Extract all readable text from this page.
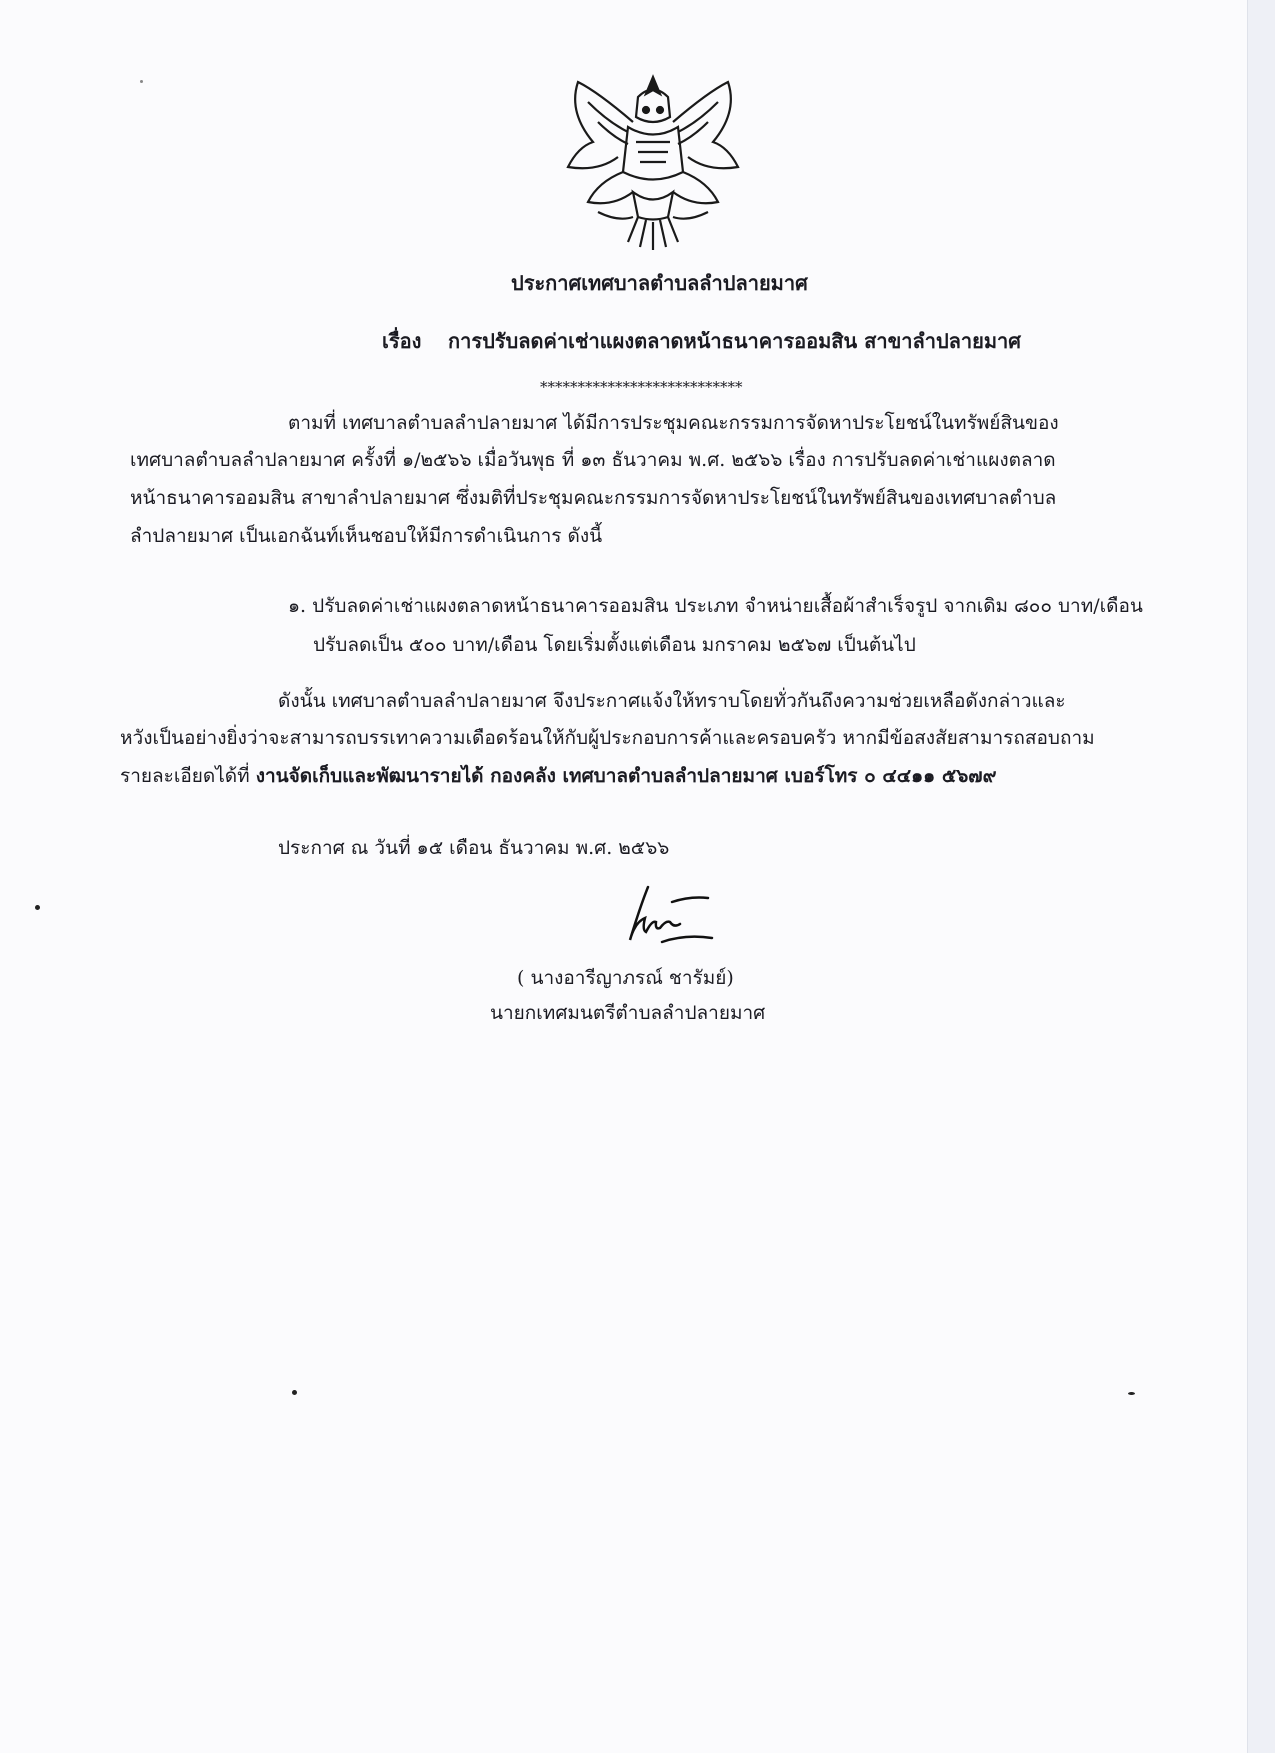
ประกาศเทศบาลตำบลลำปลายมาศ
เรื่อง การปรับลดค่าเช่าแผงตลาดหน้าธนาคารออมสิน สาขาลำปลายมาศ
***************************
ตามที่ เทศบาลตำบลลำปลายมาศ ได้มีการประชุมคณะกรรมการจัดหาประโยชน์ในทรัพย์สินของ
เทศบาลตำบลลำปลายมาศ ครั้งที่ ๑/๒๕๖๖ เมื่อวันพุธ ที่ ๑๓ ธันวาคม พ.ศ. ๒๕๖๖ เรื่อง การปรับลดค่าเช่าแผงตลาด
หน้าธนาคารออมสิน สาขาลำปลายมาศ ซึ่งมติที่ประชุมคณะกรรมการจัดหาประโยชน์ในทรัพย์สินของเทศบาลตำบล
ลำปลายมาศ เป็นเอกฉันท์เห็นชอบให้มีการดำเนินการ ดังนี้
๑. ปรับลดค่าเช่าแผงตลาดหน้าธนาคารออมสิน ประเภท จำหน่ายเสื้อผ้าสำเร็จรูป จากเดิม ๘๐๐ บาท/เดือน
ปรับลดเป็น ๕๐๐ บาท/เดือน โดยเริ่มตั้งแต่เดือน มกราคม ๒๕๖๗ เป็นต้นไป
ดังนั้น เทศบาลตำบลลำปลายมาศ จึงประกาศแจ้งให้ทราบโดยทั่วกันถึงความช่วยเหลือดังกล่าวและ
หวังเป็นอย่างยิ่งว่าจะสามารถบรรเทาความเดือดร้อนให้กับผู้ประกอบการค้าและครอบครัว หากมีข้อสงสัยสามารถสอบถาม
รายละเอียดได้ที่ งานจัดเก็บและพัฒนารายได้ กองคลัง เทศบาลตำบลลำปลายมาศ เบอร์โทร ๐ ๔๔๑๑ ๕๖๗๙
ประกาศ ณ วันที่ ๑๕ เดือน ธันวาคม พ.ศ. ๒๕๖๖
( นางอารีญาภรณ์ ชารัมย์)
นายกเทศมนตรีตำบลลำปลายมาศ
